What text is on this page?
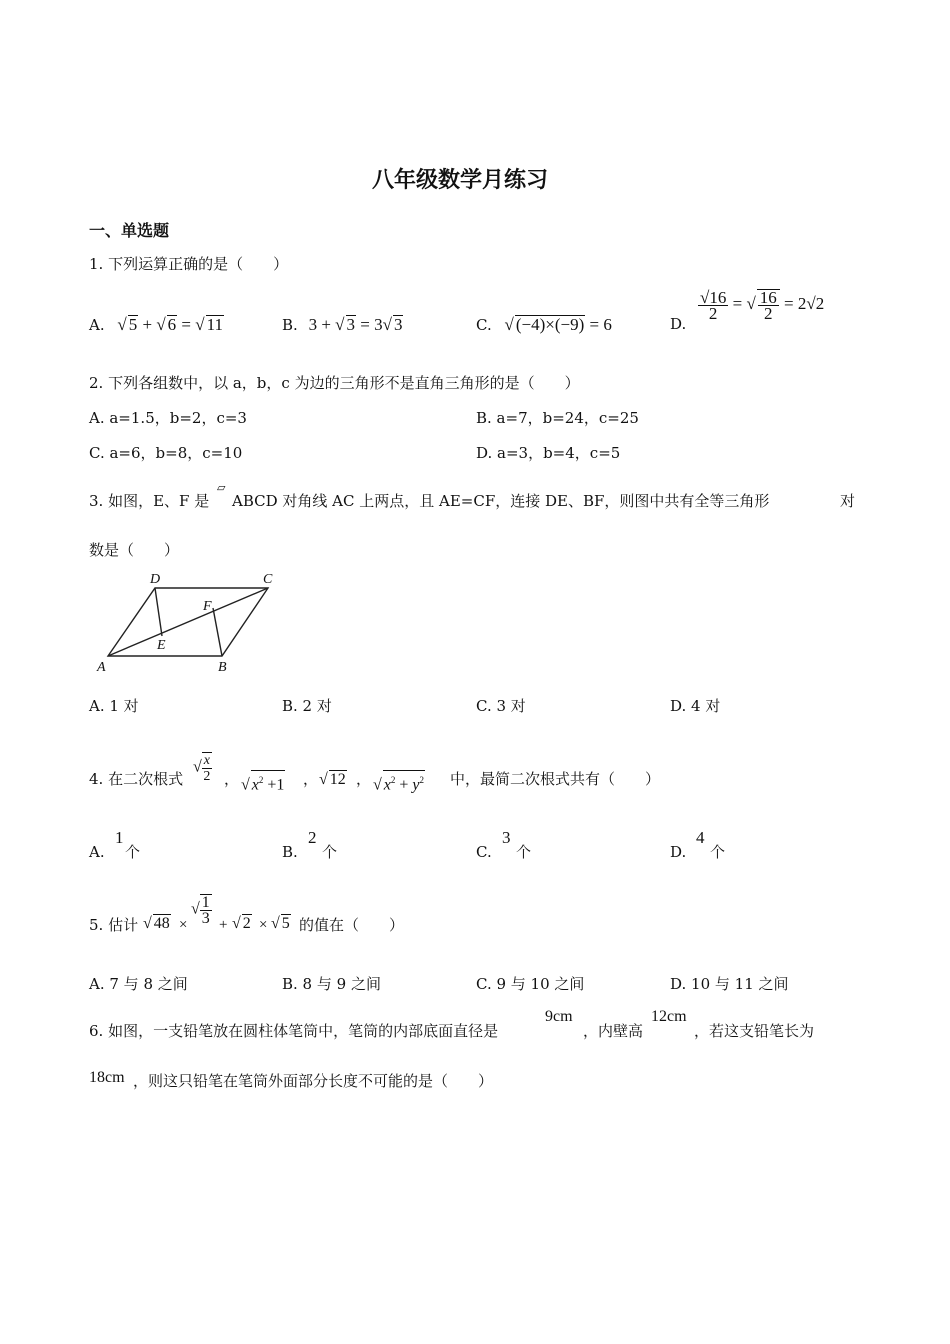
八年级数学月练习
一、单选题
1. 下列运算正确的是（　　）
A. √ 5 + √ 6 = √ 11	B. 3 + √ 3 = 3√ 3	C. √ (−4)×(−9) = 6	D.
$\frac{√16}{2}$ = √ $\frac{16}{2} = 2√2$
2. 下列各组数中，以 a，b，c 为边的三角形不是直角三角形的是（　　）
A. a=1.5，b=2，c=3	B. a=7，b=24，c=25
C. a=6，b=8，c=10	D. a=3，b=4，c=5
3. 如图，E、F 是
▱
ABCD 对角线 AC 上两点，且 AE=CF，连接 DE、BF，则图中共有全等三角形	对
数是（　　）
A	B
C
D
E
F
A. 1 对	B. 2 对	C. 3 对	D. 4 对
4. 在二次根式
√ $\frac{x}{2}$ ， √ $x^2 +1$ ， √ 12 ， √ $x^2 + y^2$ 中，最简二次根式共有（　　）
A.
1
个	B.
2
个	C.
3
个	D.
4
个
5. 估计 √ 48 ×
√ $\frac{1}{3}$ + √ 2 × √ 5 的值在（　　）
A. 7 与 8 之间	B. 8 与 9 之间	C. 9 与 10 之间	D. 10 与 11 之间
6. 如图，一支铅笔放在圆柱体笔筒中，笔筒的内部底面直径是
9cm
，内壁高
12cm
，若这支铅笔长为
18cm ，则这只铅笔在笔筒外面部分长度不可能的是（　　）
